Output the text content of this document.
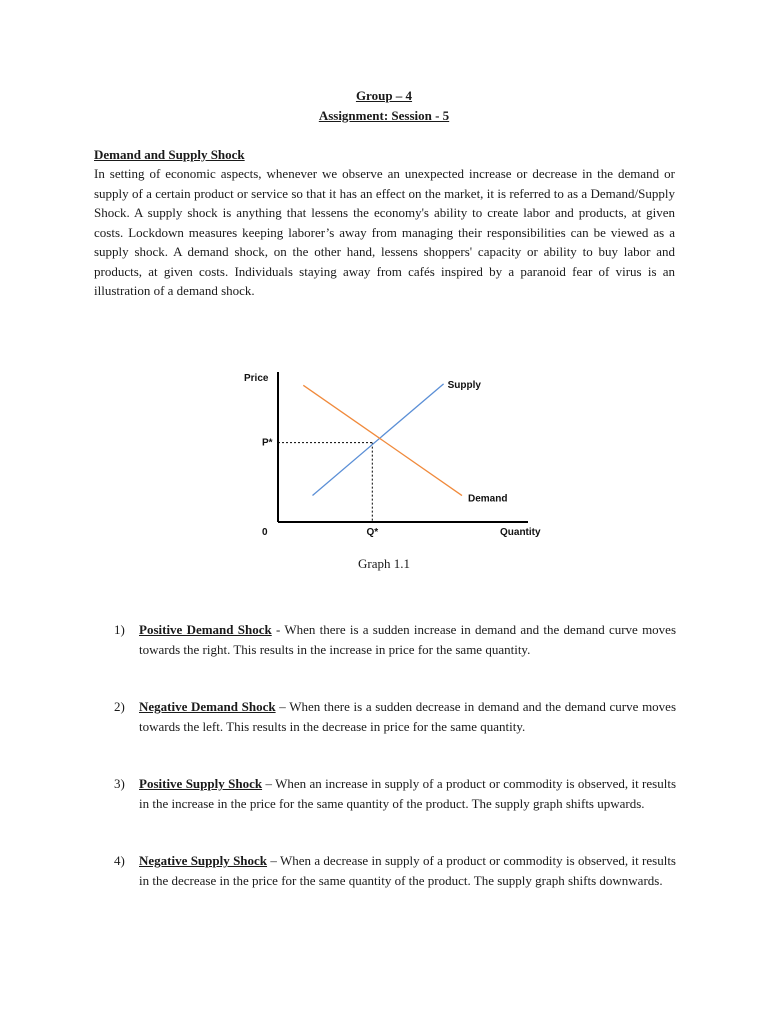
Group – 4
Assignment: Session - 5
Demand and Supply Shock

In setting of economic aspects, whenever we observe an unexpected increase or decrease in the demand or supply of a certain product or service so that it has an effect on the market, it is referred to as a Demand/Supply Shock. A supply shock is anything that lessens the economy's ability to create labor and products, at given costs. Lockdown measures keeping laborer’s away from managing their responsibilities can be viewed as a supply shock. A demand shock, on the other hand, lessens shoppers' capacity or ability to buy labor and products, at given costs. Individuals staying away from cafés inspired by a paranoid fear of virus is an illustration of a demand shock.

Price
Quantity
0
P*
Q*
Supply
Demand
Graph 1.1
1) Positive Demand Shock - When there is a sudden increase in demand and the demand curve moves towards the right. This results in the increase in price for the same quantity.
2) Negative Demand Shock – When there is a sudden decrease in demand and the demand curve moves towards the left. This results in the decrease in price for the same quantity.
3) Positive Supply Shock – When an increase in supply of a product or commodity is observed, it results in the increase in the price for the same quantity of the product. The supply graph shifts upwards.
4) Negative Supply Shock – When a decrease in supply of a product or commodity is observed, it results in the decrease in the price for the same quantity of the product. The supply graph shifts downwards.
